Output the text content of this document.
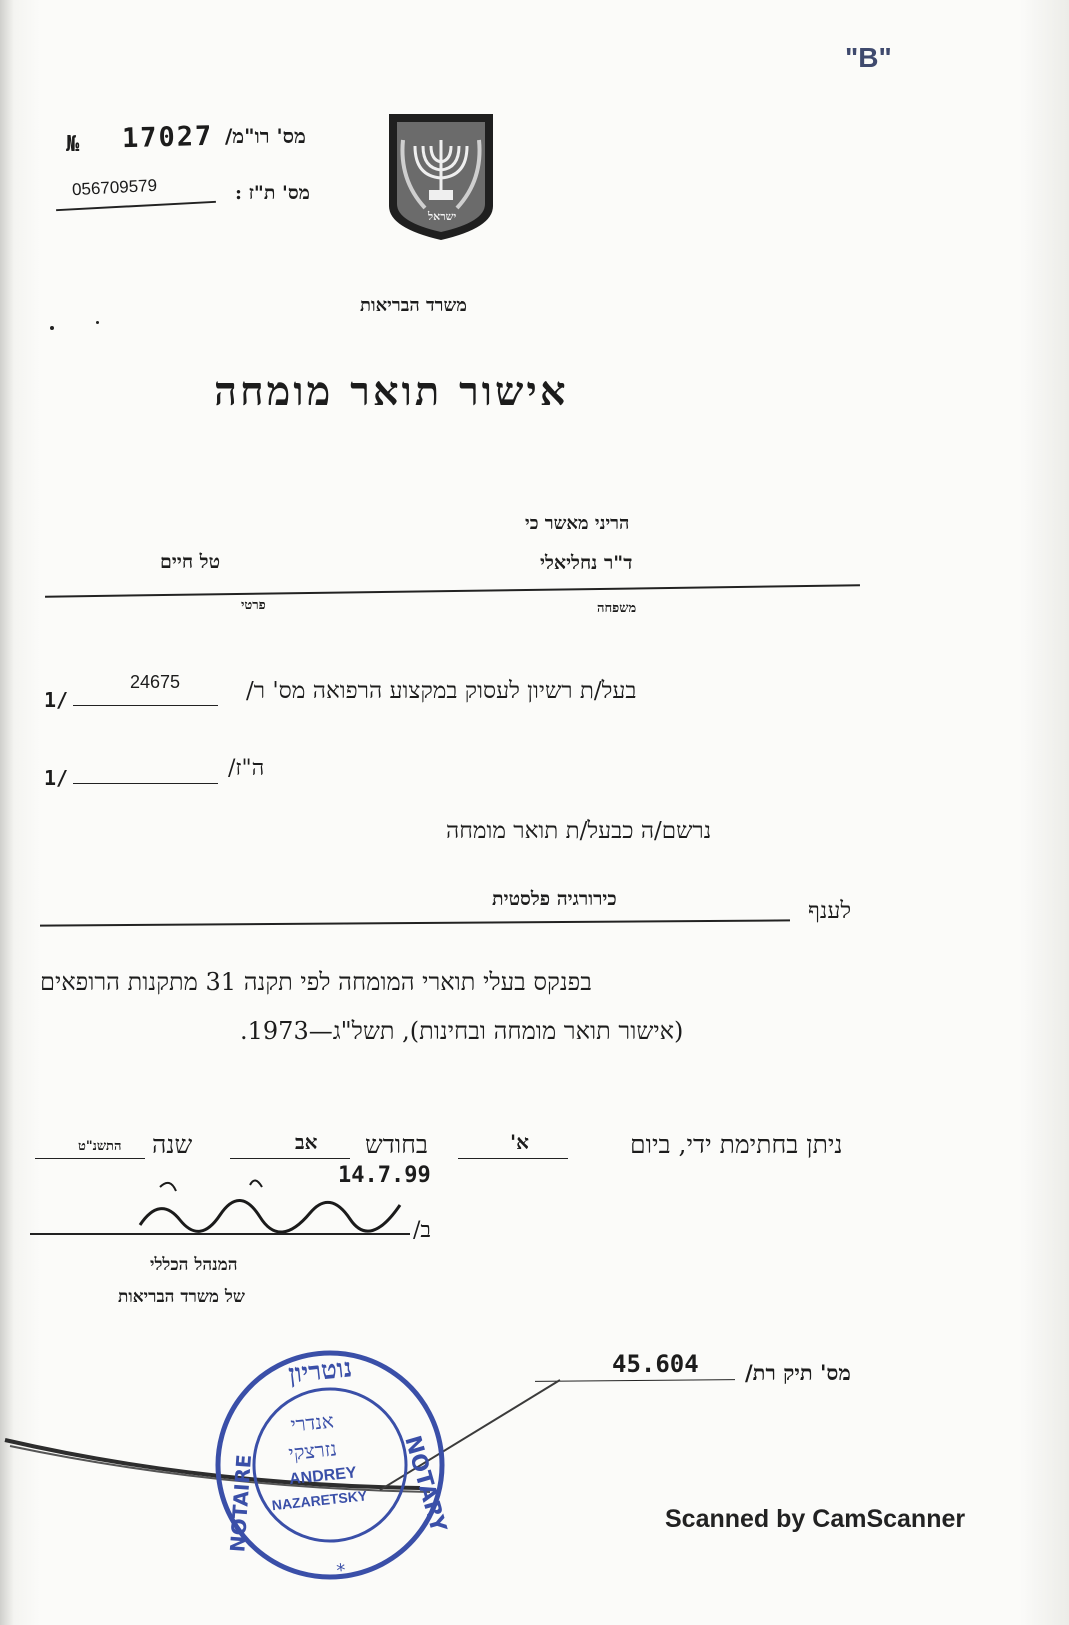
"B"
№ 17027 מס' רו"מ/
056709579	מס' ת"ז :
ישראל
משרד הבריאות
אישור תואר מומחה
הריני מאשר כי
ד"ר נחליאלי
טל חיים
משפחה
פרטי
בעל/ת רשיון לעסוק במקצוע הרפואה מס' ר/
24675
1/
ה"ז/
1/
נרשם/ה כבעל/ת תואר מומחה
לענף
כירורגיה פלסטית
בפנקס בעלי תוארי המומחה לפי תקנה 31 מתקנות הרופאים
(אישור תואר מומחה ובחינות), תשל"ג—1973.
ניתן בחתימת ידי, ביום
א'
בחודש
אב
שנה
התשנ"ט
14.7.99
ב/
המנהל הכללי
של משרד הבריאות
45.604 מס' תיק רת/
נוטריון
NOTARY
NOTAIRE
*
אנדרי
נזרצקי
ANDREY
NAZARETSKY
Scanned by CamScanner
